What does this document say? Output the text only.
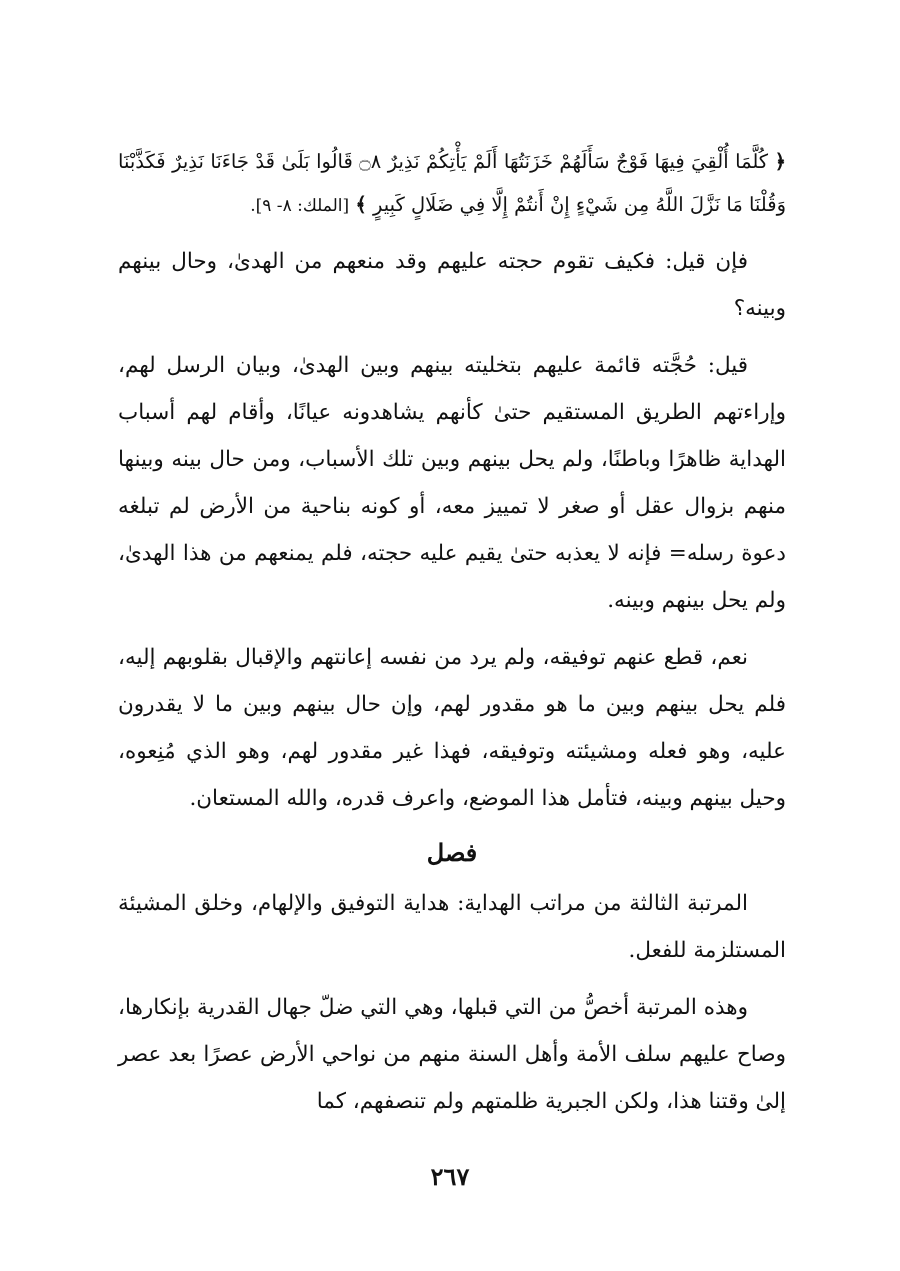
﴿ كُلَّمَا أُلْقِيَ فِيهَا فَوْجٌ سَأَلَهُمْ خَزَنَتُهَا أَلَمْ يَأْتِكُمْ نَذِيرٌ ۝٨ قَالُوا بَلَىٰ قَدْ جَاءَنَا نَذِيرٌ فَكَذَّبْنَا وَقُلْنَا مَا نَزَّلَ اللَّهُ مِن شَيْءٍ إِنْ أَنتُمْ إِلَّا فِي ضَلَالٍ كَبِيرٍ ﴾ [الملك: ٨- ٩].

فإن قيل: فكيف تقوم حجته عليهم وقد منعهم من الهدىٰ، وحال بينهم وبينه؟

قيل: حُجَّته قائمة عليهم بتخليته بينهم وبين الهدىٰ، وبيان الرسل لهم، وإراءتهم الطريق المستقيم حتىٰ كأنهم يشاهدونه عيانًا، وأقام لهم أسباب الهداية ظاهرًا وباطنًا، ولم يحل بينهم وبين تلك الأسباب، ومن حال بينه وبينها منهم بزوال عقل أو صغر لا تمييز معه، أو كونه بناحية من الأرض لم تبلغه دعوة رسله= فإنه لا يعذبه حتىٰ يقيم عليه حجته، فلم يمنعهم من هذا الهدىٰ، ولم يحل بينهم وبينه.

نعم، قطع عنهم توفيقه، ولم يرد من نفسه إعانتهم والإقبال بقلوبهم إليه، فلم يحل بينهم وبين ما هو مقدور لهم، وإن حال بينهم وبين ما لا يقدرون عليه، وهو فعله ومشيئته وتوفيقه، فهذا غير مقدور لهم، وهو الذي مُنِعوه، وحيل بينهم وبينه، فتأمل هذا الموضع، واعرف قدره، والله المستعان.

فصل

المرتبة الثالثة من مراتب الهداية: هداية التوفيق والإلهام، وخلق المشيئة المستلزمة للفعل.

وهذه المرتبة أخصُّ من التي قبلها، وهي التي ضلّ جهال القدرية بإنكارها، وصاح عليهم سلف الأمة وأهل السنة منهم من نواحي الأرض عصرًا بعد عصر إلىٰ وقتنا هذا، ولكن الجبرية ظلمتهم ولم تنصفهم، كما

٢٦٧
